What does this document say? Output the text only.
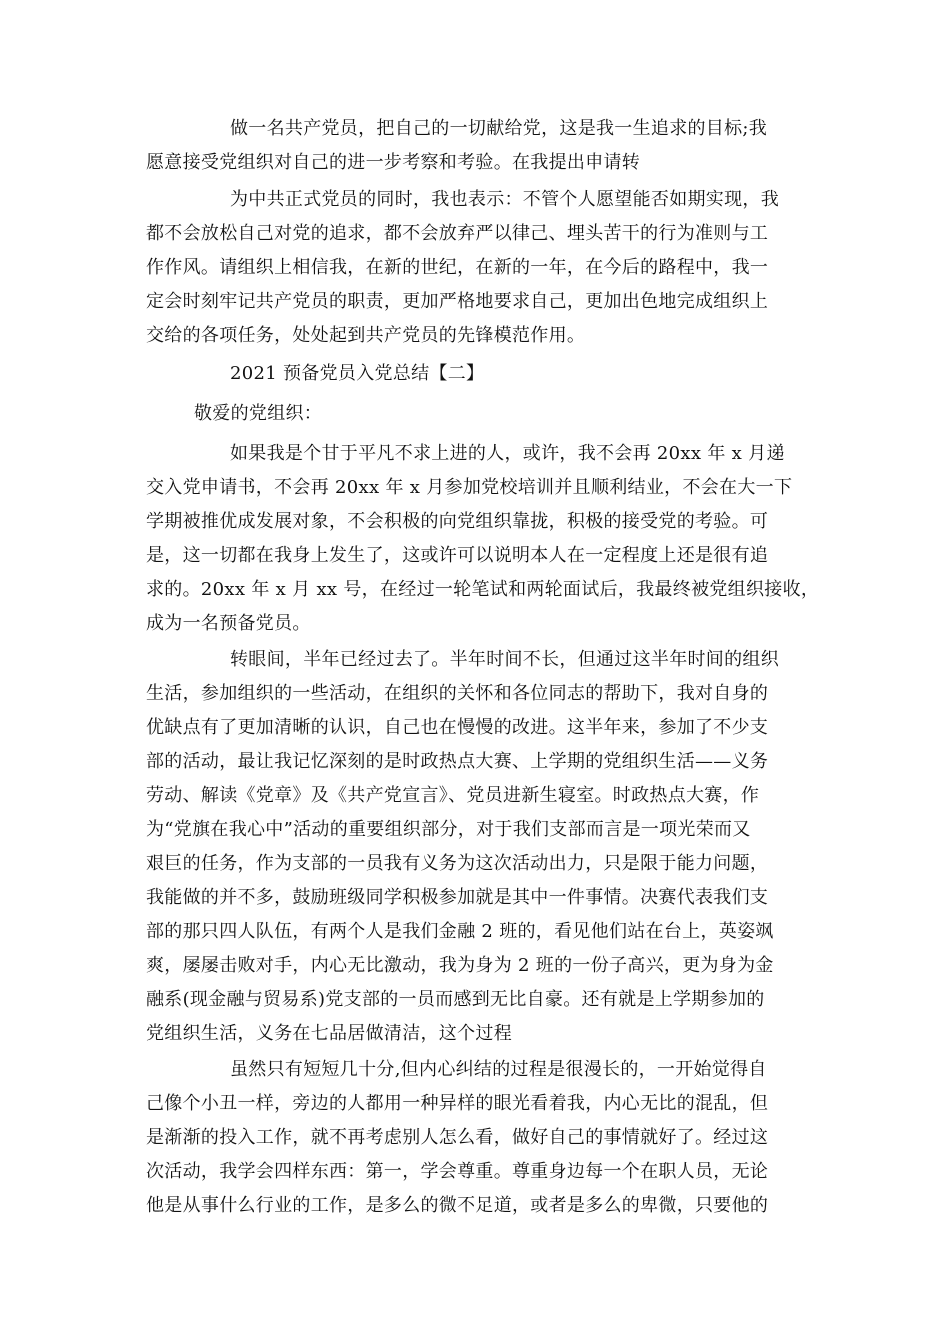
做一名共产党员，把自己的一切献给党，这是我一生追求的目标;我
愿意接受党组织对自己的进一步考察和考验。在我提出申请转
为中共正式党员的同时，我也表示：不管个人愿望能否如期实现，我
都不会放松自己对党的追求，都不会放弃严以律己、埋头苦干的行为准则与工
作作风。请组织上相信我，在新的世纪，在新的一年，在今后的路程中，我一
定会时刻牢记共产党员的职责，更加严格地要求自己，更加出色地完成组织上
交给的各项任务，处处起到共产党员的先锋模范作用。
2021 预备党员入党总结【二】
敬爱的党组织：
如果我是个甘于平凡不求上进的人，或许，我不会再 20xx 年 x 月递
交入党申请书，不会再 20xx 年 x 月参加党校培训并且顺利结业，不会在大一下
学期被推优成发展对象，不会积极的向党组织靠拢，积极的接受党的考验。可
是，这一切都在我身上发生了，这或许可以说明本人在一定程度上还是很有追
求的。20xx 年 x 月 xx 号，在经过一轮笔试和两轮面试后，我最终被党组织接收，
成为一名预备党员。
转眼间，半年已经过去了。半年时间不长，但通过这半年时间的组织
生活，参加组织的一些活动，在组织的关怀和各位同志的帮助下，我对自身的
优缺点有了更加清晰的认识，自己也在慢慢的改进。这半年来，参加了不少支
部的活动，最让我记忆深刻的是时政热点大赛、上学期的党组织生活——义务
劳动、解读《党章》及《共产党宣言》、党员进新生寝室。时政热点大赛，作
为“党旗在我心中”活动的重要组织部分，对于我们支部而言是一项光荣而又
艰巨的任务，作为支部的一员我有义务为这次活动出力，只是限于能力问题，
我能做的并不多，鼓励班级同学积极参加就是其中一件事情。决赛代表我们支
部的那只四人队伍，有两个人是我们金融 2 班的，看见他们站在台上，英姿飒
爽，屡屡击败对手，内心无比激动，我为身为 2 班的一份子高兴，更为身为金
融系(现金融与贸易系)党支部的一员而感到无比自豪。还有就是上学期参加的
党组织生活，义务在七品居做清洁，这个过程
虽然只有短短几十分,但内心纠结的过程是很漫长的，一开始觉得自
己像个小丑一样，旁边的人都用一种异样的眼光看着我，内心无比的混乱，但
是渐渐的投入工作，就不再考虑别人怎么看，做好自己的事情就好了。经过这
次活动，我学会四样东西：第一，学会尊重。尊重身边每一个在职人员，无论
他是从事什么行业的工作，是多么的微不足道，或者是多么的卑微，只要他的
